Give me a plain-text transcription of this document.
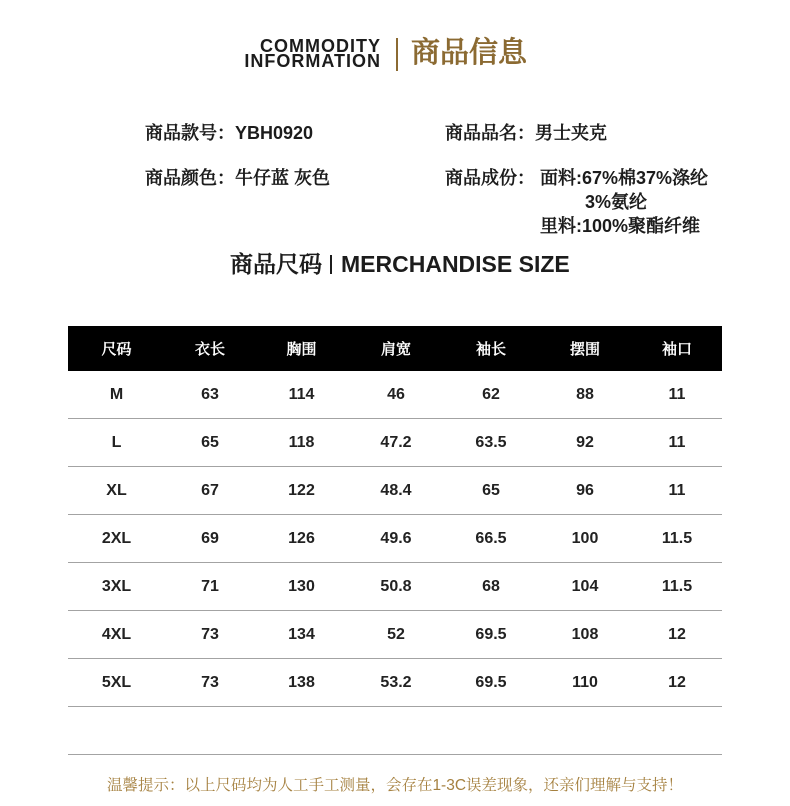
COMMODITY
INFORMATION 商品信息
商品款号：YBH0920	商品品名：男士夹克
商品颜色：牛仔蓝 灰色	商品成份： 面料:67%棉37%涤纶
3%氨纶
里料:100%聚酯纤维
商品尺码 MERCHANDISE SIZE
尺码	衣长	胸围	肩宽	袖长	摆围	袖口
M	63	114	46	62	88	11
L	65	118	47.2	63.5	92	11
XL	67	122	48.4	65	96	11
2XL	69	126	49.6	66.5	100	11.5
3XL	71	130	50.8	68	104	11.5
4XL	73	134	52	69.5	108	12
5XL	73	138	53.2	69.5	110	12
温馨提示：以上尺码均为人工手工测量，会存在1-3C误差现象，还亲们理解与支持！
